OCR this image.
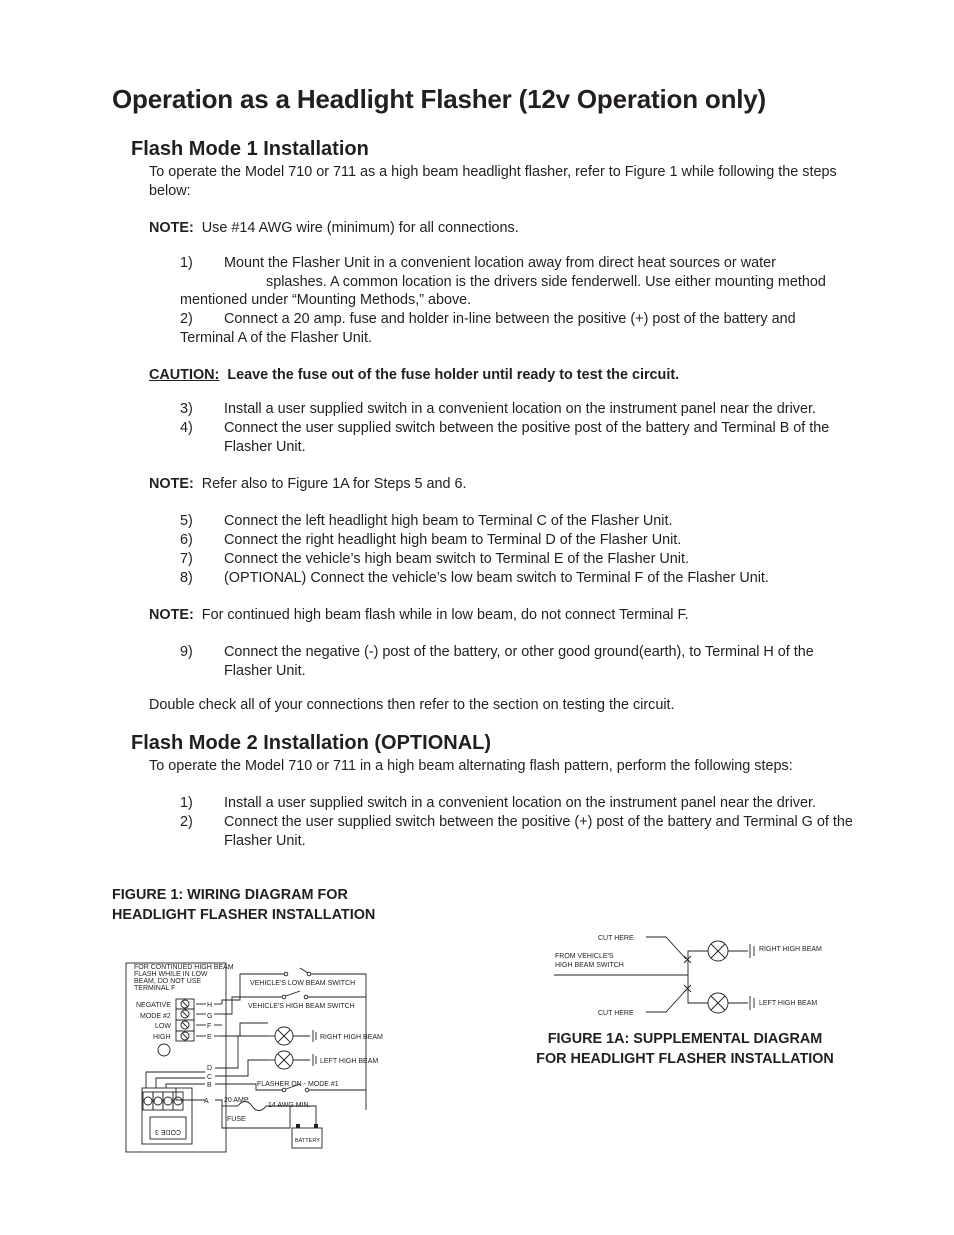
Operation as a Headlight Flasher (12v Operation only)
Flash Mode 1 Installation

To operate the Model 710 or 711 as a high beam headlight flasher, refer to Figure 1 while following the steps below:

NOTE: Use #14 AWG wire (minimum) for all connections.
1) Mount the Flasher Unit in a convenient location away from direct heat sources or water
splashes. A common location is the drivers side fenderwell. Use either mounting method
mentioned under “Mounting Methods,” above.
2) Connect a 20 amp. fuse and holder in-line between the positive (+) post of the battery and
Terminal A of the Flasher Unit.
CAUTION: Leave the fuse out of the fuse holder until ready to test the circuit.
3)	Install a user supplied switch in a convenient location on the instrument panel near the driver.
4)	Connect the user supplied switch between the positive post of the battery and Terminal B of the Flasher Unit.
NOTE: Refer also to Figure 1A for Steps 5 and 6.
5)	Connect the left headlight high beam to Terminal C of the Flasher Unit.
6)	Connect the right headlight high beam to Terminal D of the Flasher Unit.
7)	Connect the vehicle’s high beam switch to Terminal E of the Flasher Unit.
8)	(OPTIONAL) Connect the vehicle’s low beam switch to Terminal F of the Flasher Unit.
NOTE: For continued high beam flash while in low beam, do not connect Terminal F.
9)	Connect the negative (-) post of the battery, or other good ground(earth), to Terminal H of the Flasher Unit.

Double check all of your connections then refer to the section on testing the circuit.

Flash Mode 2 Installation (OPTIONAL)

To operate the Model 710 or 711 in a high beam alternating flash pattern, perform the following steps:

1)	Install a user supplied switch in a convenient location on the instrument panel near the driver.
2)	Connect the user supplied switch between the positive (+) post of the battery and Terminal G of the Flasher Unit.
FIGURE 1: WIRING DIAGRAM FOR
HEADLIGHT FLASHER INSTALLATION
FOR CONTINUED HIGH BEAM
FLASH WHILE IN LOW
BEAM, DO NOT USE
TERMINAL F
NEGATIVE
MODE #2
LOW
HIGH
H
G
F
E
D
C
B
A
VEHICLE'S LOW BEAM SWITCH
VEHICLE'S HIGH BEAM SWITCH
RIGHT HIGH BEAM
LEFT HIGH BEAM
FLASHER ON - MODE #1
20 AMP
FUSE
14 AWG MIN.
BATTERY
CODE 3
CUT HERE
CUT HERE
FROM VEHICLE'S
HIGH BEAM SWITCH
RIGHT HIGH BEAM
LEFT HIGH BEAM
FIGURE 1A: SUPPLEMENTAL DIAGRAM
FOR HEADLIGHT FLASHER INSTALLATION
